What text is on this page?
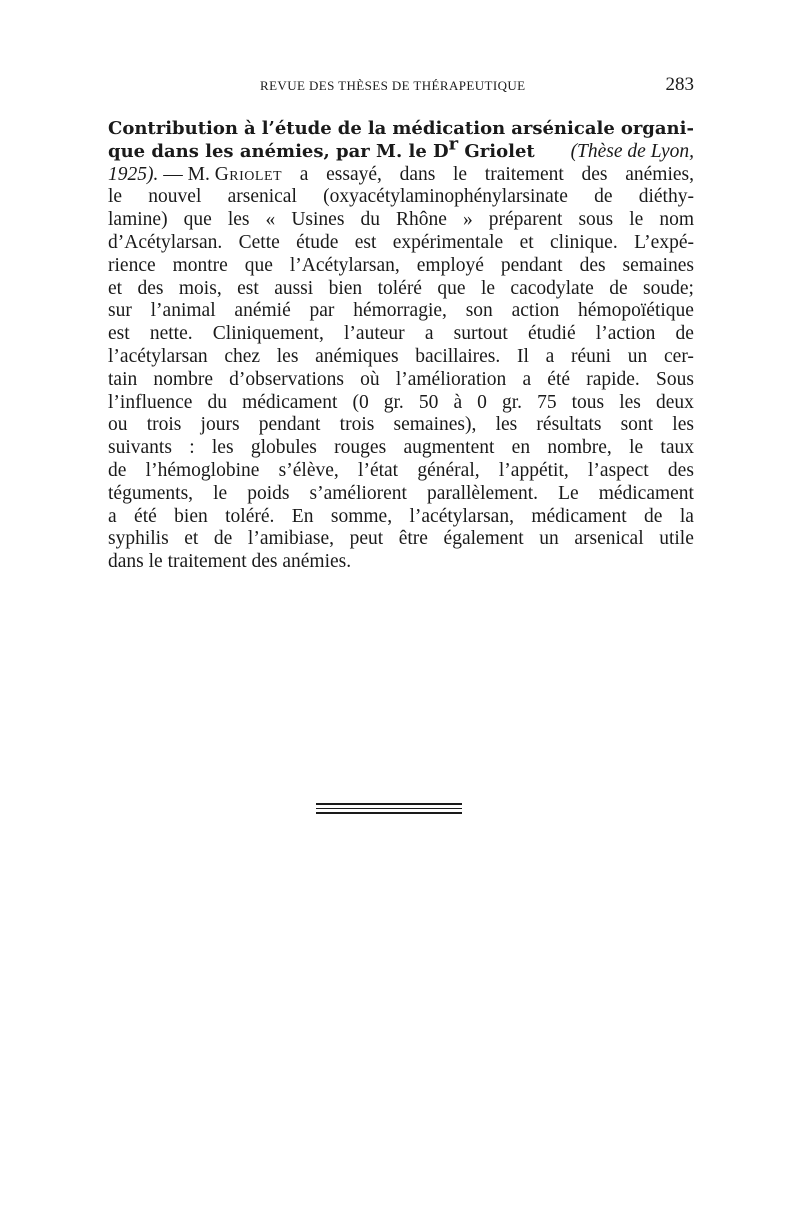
REVUE DES THÈSES DE THÉRAPEUTIQUE	283
Contribution à l’étude de la médication arsénicale organi-
que dans les anémies, par M. le $D^r$ Griolet (Thèse de Lyon,
1925). — M. Griolet a essayé, dans le traitement des anémies,
le nouvel arsenical (oxyacétylaminophénylarsinate de diéthy-
lamine) que les « Usines du Rhône » préparent sous le nom
d’Acétylarsan. Cette étude est expérimentale et clinique. L’expé-
rience montre que l’Acétylarsan, employé pendant des semaines
et des mois, est aussi bien toléré que le cacodylate de soude;
sur l’animal anémié par hémorragie, son action hémopoïétique
est nette. Cliniquement, l’auteur a surtout étudié l’action de
l’acétylarsan chez les anémiques bacillaires. Il a réuni un cer-
tain nombre d’observations où l’amélioration a été rapide. Sous
l’influence du médicament (0 gr. 50 à 0 gr. 75 tous les deux
ou trois jours pendant trois semaines), les résultats sont les
suivants : les globules rouges augmentent en nombre, le taux
de l’hémoglobine s’élève, l’état général, l’appétit, l’aspect des
téguments, le poids s’améliorent parallèlement. Le médicament
a été bien toléré. En somme, l’acétylarsan, médicament de la
syphilis et de l’amibiase, peut être également un arsenical utile
dans le traitement des anémies.
